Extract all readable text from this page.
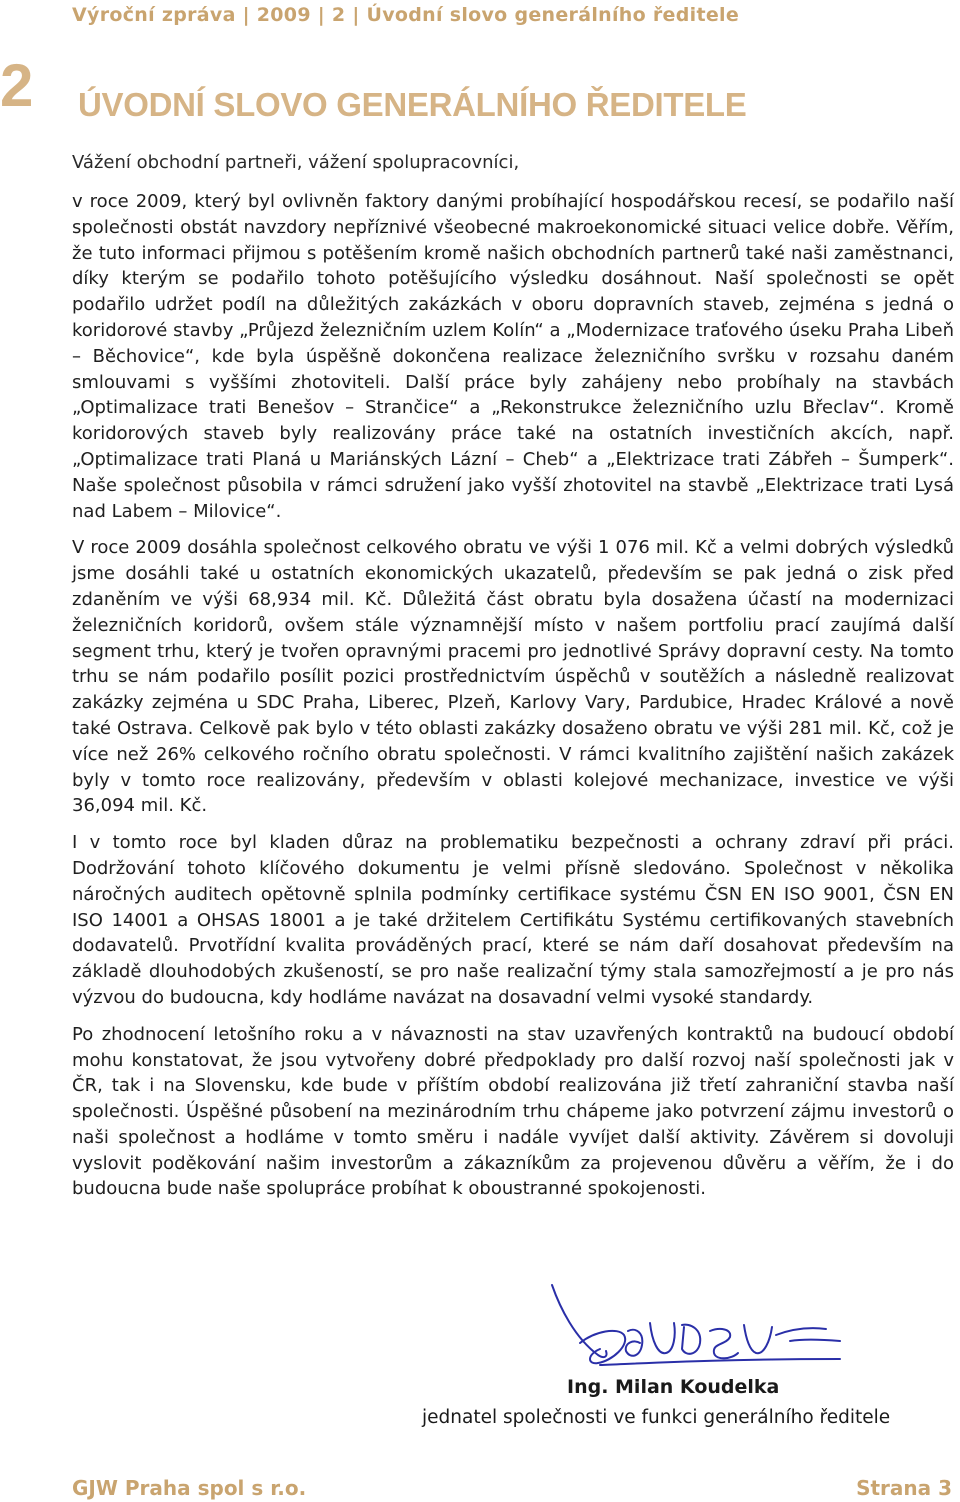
Výroční zpráva | 2009 | 2 | Úvodní slovo generálního ředitele
2 ÚVODNÍ SLOVO GENERÁLNÍHO ŘEDITELE
Vážení obchodní partneři, vážení spolupracovníci,

v roce 2009, který byl ovlivněn faktory danými probíhající hospodářskou recesí, se podařilo naší společnosti obstát navzdory nepříznivé všeobecné makroekonomické situaci velice dobře. Věřím, že tuto informaci přijmou s potěšením kromě našich obchodních partnerů také naši zaměstnanci, díky kterým se podařilo tohoto potěšujícího výsledku dosáhnout. Naší společnosti se opět podařilo udržet podíl na důležitých zakázkách v oboru dopravních staveb, zejména s jedná o koridorové stavby „Průjezd železničním uzlem Kolín“ a „Modernizace traťového úseku Praha Libeň – Běchovice“, kde byla úspěšně dokončena realizace železničního svršku v rozsahu daném smlouvami s vyššími zhotoviteli. Další práce byly zahájeny nebo probíhaly na stavbách „Optimalizace trati Benešov – Strančice“ a „Rekonstrukce železničního uzlu Břeclav“. Kromě koridorových staveb byly realizovány práce také na ostatních investičních akcích, např. „Optimalizace trati Planá u Mariánských Lázní – Cheb“ a „Elektrizace trati Zábřeh – Šumperk“. Naše společnost působila v rámci sdružení jako vyšší zhotovitel na stavbě „Elektrizace trati Lysá nad Labem – Milovice“.

V roce 2009 dosáhla společnost celkového obratu ve výši 1 076 mil. Kč a velmi dobrých výsledků jsme dosáhli také u ostatních ekonomických ukazatelů, především se pak jedná o zisk před zdaněním ve výši 68,934 mil. Kč. Důležitá část obratu byla dosažena účastí na modernizaci železničních koridorů, ovšem stále významnější místo v našem portfoliu prací zaujímá další segment trhu, který je tvořen opravnými pracemi pro jednotlivé Správy dopravní cesty. Na tomto trhu se nám podařilo posílit pozici prostřednictvím úspěchů v soutěžích a následně realizovat zakázky zejména u SDC Praha, Liberec, Plzeň, Karlovy Vary, Pardubice, Hradec Králové a nově také Ostrava. Celkově pak bylo v této oblasti zakázky dosaženo obratu ve výši 281 mil. Kč, což je více než 26% celkového ročního obratu společnosti. V rámci kvalitního zajištění našich zakázek byly v tomto roce realizovány, především v oblasti kolejové mechanizace, investice ve výši 36,094 mil. Kč.

I v tomto roce byl kladen důraz na problematiku bezpečnosti a ochrany zdraví při práci. Dodržování tohoto klíčového dokumentu je velmi přísně sledováno. Společnost v několika náročných auditech opětovně splnila podmínky certifikace systému ČSN EN ISO 9001, ČSN EN ISO 14001 a OHSAS 18001 a je také držitelem Certifikátu Systému certifikovaných stavebních dodavatelů. Prvotřídní kvalita prováděných prací, které se nám daří dosahovat především na základě dlouhodobých zkušeností, se pro naše realizační týmy stala samozřejmostí a je pro nás výzvou do budoucna, kdy hodláme navázat na dosavadní velmi vysoké standardy.

Po zhodnocení letošního roku a v návaznosti na stav uzavřených kontraktů na budoucí období mohu konstatovat, že jsou vytvořeny dobré předpoklady pro další rozvoj naší společnosti jak v ČR, tak i na Slovensku, kde bude v příštím období realizována již třetí zahraniční stavba naší společnosti. Úspěšné působení na mezinárodním trhu chápeme jako potvrzení zájmu investorů o naši společnost a hodláme v tomto směru i nadále vyvíjet další aktivity. Závěrem si dovoluji vyslovit poděkování našim investorům a zákazníkům za projevenou důvěru a věřím, že i do budoucna bude naše spolupráce probíhat k oboustranné spokojenosti.

Ing. Milan Koudelka
jednatel společnosti ve funkci generálního ředitele
GJW Praha spol s r.o.	Strana 3
